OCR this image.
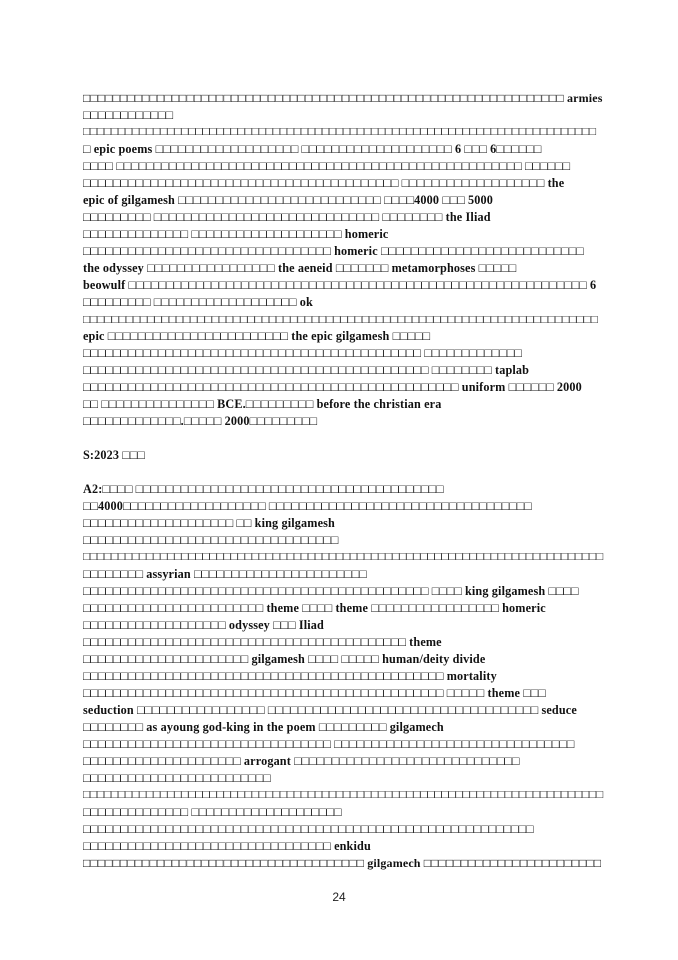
□□□□□□□□□□□□□□□□□□□□□□□□□□□□□□□□□□□□□□□□□□□□□□□□□□□□□□□□□□□□□□□□□ armies
□□□□□□□□□□□□
□□□□□□□□□□□□□□□□□□□□□□□□□□□□□□□□□□□□□□□□□□□□□□□□□□□□□□□□□□□□□□□□□□□□□□□□□
□ epic poems □□□□□□□□□□□□□□□□□□□ □□□□□□□□□□□□□□□□□□□□ 6 □□□ 6□□□□□□
□□□□ □□□□□□□□□□□□□□□□□□□□□□□□□□□□□□□□□□□□□□□□□□□□□□□□□□□□□□ □□□□□□
□□□□□□□□□□□□□□□□□□□□□□□□□□□□□□□□□□□□□□□□□□ □□□□□□□□□□□□□□□□□□□ the
epic of gilgamesh □□□□□□□□□□□□□□□□□□□□□□□□□□□ □□□□4000 □□□ 5000
□□□□□□□□□ □□□□□□□□□□□□□□□□□□□□□□□□□□□□□□ □□□□□□□□ the Iliad
□□□□□□□□□□□□□□ □□□□□□□□□□□□□□□□□□□□ homeric
□□□□□□□□□□□□□□□□□□□□□□□□□□□□□□□□□ homeric □□□□□□□□□□□□□□□□□□□□□□□□□□□
the odyssey □□□□□□□□□□□□□□□□□ the aeneid □□□□□□□ metamorphoses □□□□□
beowulf □□□□□□□□□□□□□□□□□□□□□□□□□□□□□□□□□□□□□□□□□□□□□□□□□□□□□□□□□□□□□ 6
□□□□□□□□□ □□□□□□□□□□□□□□□□□□□ ok
□□□□□□□□□□□□□□□□□□□□□□□□□□□□□□□□□□□□□□□□□□□□□□□□□□□□□□□□□□□□□□□□□□□□□□□□
epic □□□□□□□□□□□□□□□□□□□□□□□□ the epic gilgamesh □□□□□
□□□□□□□□□□□□□□□□□□□□□□□□□□□□□□□□□□□□□□□□□□□□□ □□□□□□□□□□□□□
□□□□□□□□□□□□□□□□□□□□□□□□□□□□□□□□□□□□□□□□□□□□□□ □□□□□□□□ taplab
□□□□□□□□□□□□□□□□□□□□□□□□□□□□□□□□□□□□□□□□□□□□□□□□□□ uniform □□□□□□ 2000
□□ □□□□□□□□□□□□□□□ BCE.□□□□□□□□□ before the christian era
□□□□□□□□□□□□□.□□□□□ 2000□□□□□□□□□
S:2023 □□□
A2:□□□□ □□□□□□□□□□□□□□□□□□□□□□□□□□□□□□□□□□□□□□□□□
□□4000□□□□□□□□□□□□□□□□□□□ □□□□□□□□□□□□□□□□□□□□□□□□□□□□□□□□□□□
□□□□□□□□□□□□□□□□□□□□ □□ king gilgamesh
□□□□□□□□□□□□□□□□□□□□□□□□□□□□□□□□□□
□□□□□□□□□□□□□□□□□□□□□□□□□□□□□□□□□□□□□□□□□□□□□□□□□□□□□□□□□□□□□□□□□□□□□□□□□□
□□□□□□□□ assyrian □□□□□□□□□□□□□□□□□□□□□□□
□□□□□□□□□□□□□□□□□□□□□□□□□□□□□□□□□□□□□□□□□□□□□□ □□□□ king gilgamesh □□□□
□□□□□□□□□□□□□□□□□□□□□□□□ theme □□□□ theme □□□□□□□□□□□□□□□□□ homeric
□□□□□□□□□□□□□□□□□□□ odyssey □□□ Iliad
□□□□□□□□□□□□□□□□□□□□□□□□□□□□□□□□□□□□□□□□□□□ theme
□□□□□□□□□□□□□□□□□□□□□□ gilgamesh □□□□ □□□□□ human/deity divide
□□□□□□□□□□□□□□□□□□□□□□□□□□□□□□□□□□□□□□□□□□□□□□□□ mortality
□□□□□□□□□□□□□□□□□□□□□□□□□□□□□□□□□□□□□□□□□□□□□□□□ □□□□□ theme □□□
seduction □□□□□□□□□□□□□□□□□ □□□□□□□□□□□□□□□□□□□□□□□□□□□□□□□□□□□□ seduce
□□□□□□□□ as ayoung god-king in the poem □□□□□□□□□ gilgamech
□□□□□□□□□□□□□□□□□□□□□□□□□□□□□□□□□ □□□□□□□□□□□□□□□□□□□□□□□□□□□□□□□□
□□□□□□□□□□□□□□□□□□□□□ arrogant □□□□□□□□□□□□□□□□□□□□□□□□□□□□□□
□□□□□□□□□□□□□□□□□□□□□□□□□
□□□□□□□□□□□□□□□□□□□□□□□□□□□□□□□□□□□□□□□□□□□□□□□□□□□□□□□□□□□□□□□□□□□□□□□□□□
□□□□□□□□□□□□□□ □□□□□□□□□□□□□□□□□□□□
□□□□□□□□□□□□□□□□□□□□□□□□□□□□□□□□□□□□□□□□□□□□□□□□□□□□□□□□□□□□
□□□□□□□□□□□□□□□□□□□□□□□□□□□□□□□□□ enkidu
□□□□□□□□□□□□□□□□□□□□□□□□□□□□□□□□□□□□□□ gilgamech □□□□□□□□□□□□□□□□□□□□□□□□
24
